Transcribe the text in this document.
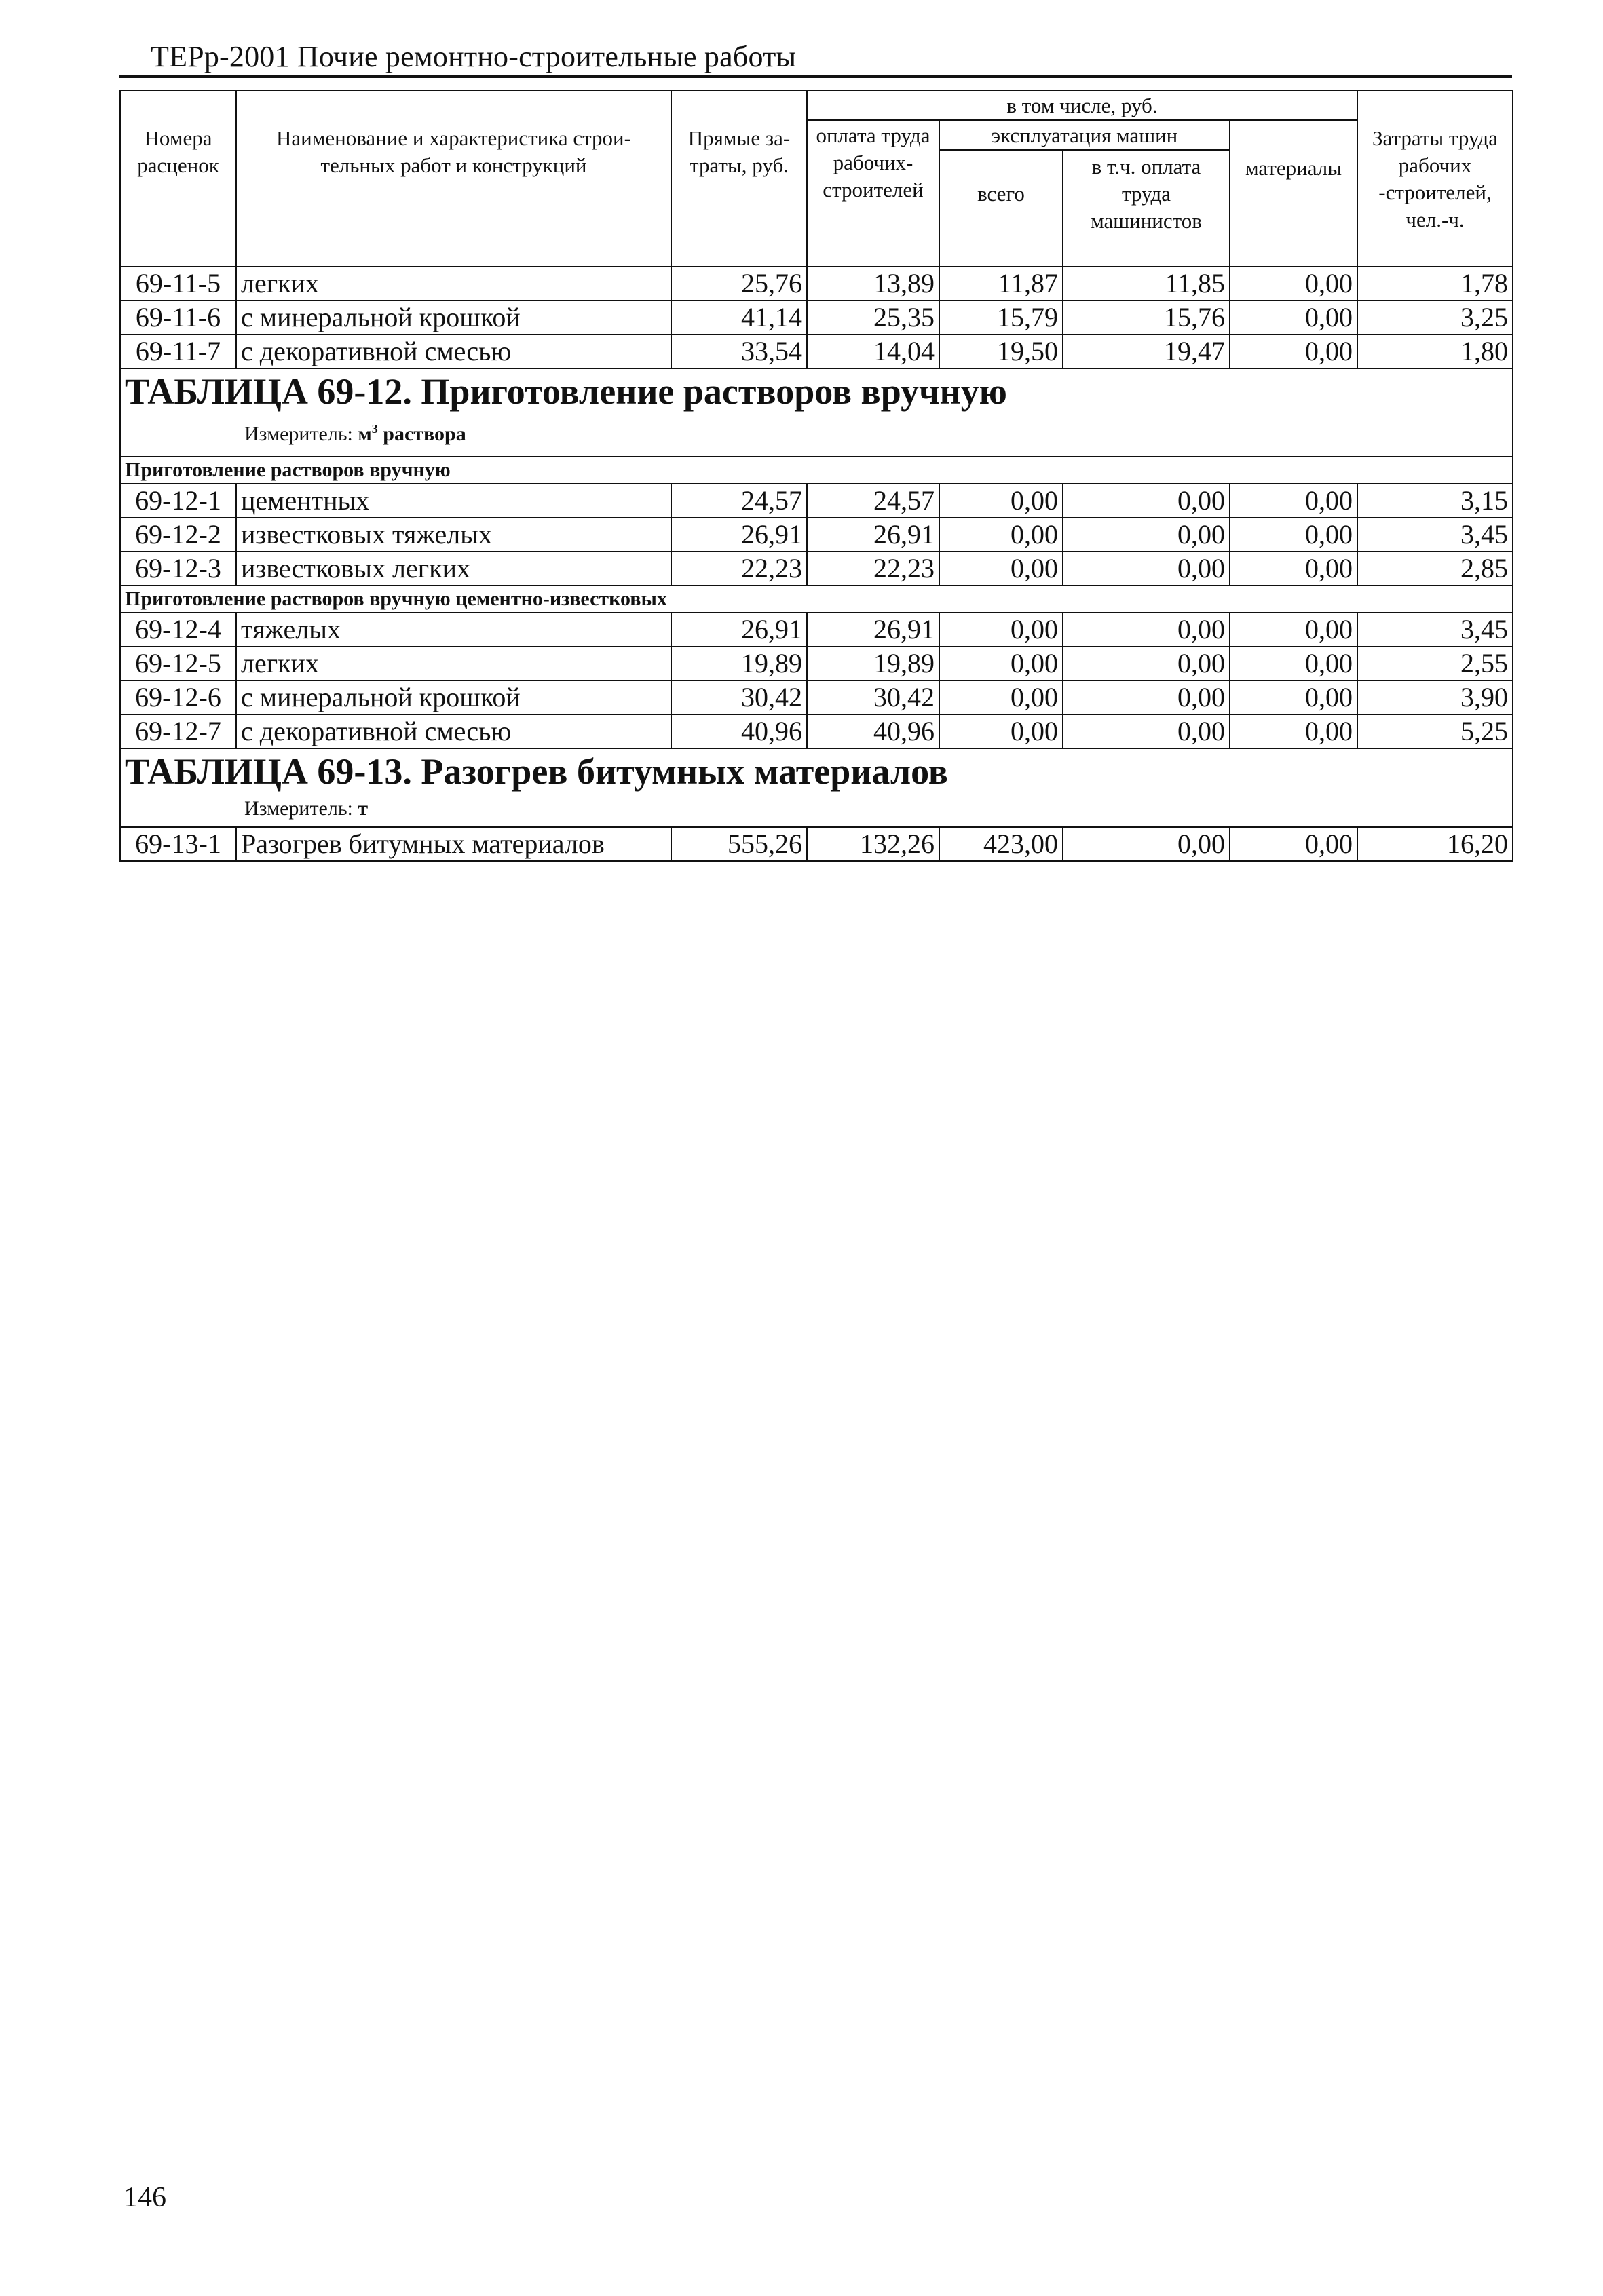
ТЕРр-2001 Почие ремонтно-строительные работы
Номера расценок	Наименование и характеристика строи-тельных работ и конструкций	Прямые за-траты, руб.	в том числе, руб.				Затраты труда рабочих -строителей, чел.-ч.
			оплата труда рабочих-строителей	эксплуатация машин		материалы	
				всего	в т.ч. оплата труда машинистов		
69-11-5	легких	25,76	13,89	11,87	11,85	0,00	1,78
69-11-6	с минеральной крошкой	41,14	25,35	15,79	15,76	0,00	3,25
69-11-7	с декоративной смесью	33,54	14,04	19,50	19,47	0,00	1,80

ТАБЛИЦА 69-12. Приготовление растворов вручную
Измеритель: $м^3$ раствора							

Приготовление растворов вручную							
69-12-1	цементных	24,57	24,57	0,00	0,00	0,00	3,15
69-12-2	известковых тяжелых	26,91	26,91	0,00	0,00	0,00	3,45
69-12-3	известковых легких	22,23	22,23	0,00	0,00	0,00	2,85
Приготовление растворов вручную цементно-известковых							
69-12-4	тяжелых	26,91	26,91	0,00	0,00	0,00	3,45
69-12-5	легких	19,89	19,89	0,00	0,00	0,00	2,55
69-12-6	с минеральной крошкой	30,42	30,42	0,00	0,00	0,00	3,90
69-12-7	с декоративной смесью	40,96	40,96	0,00	0,00	0,00	5,25

ТАБЛИЦА 69-13. Разогрев битумных материалов
Измеритель: т							

69-13-1	Разогрев битумных материалов	555,26	132,26	423,00	0,00	0,00	16,20
146
